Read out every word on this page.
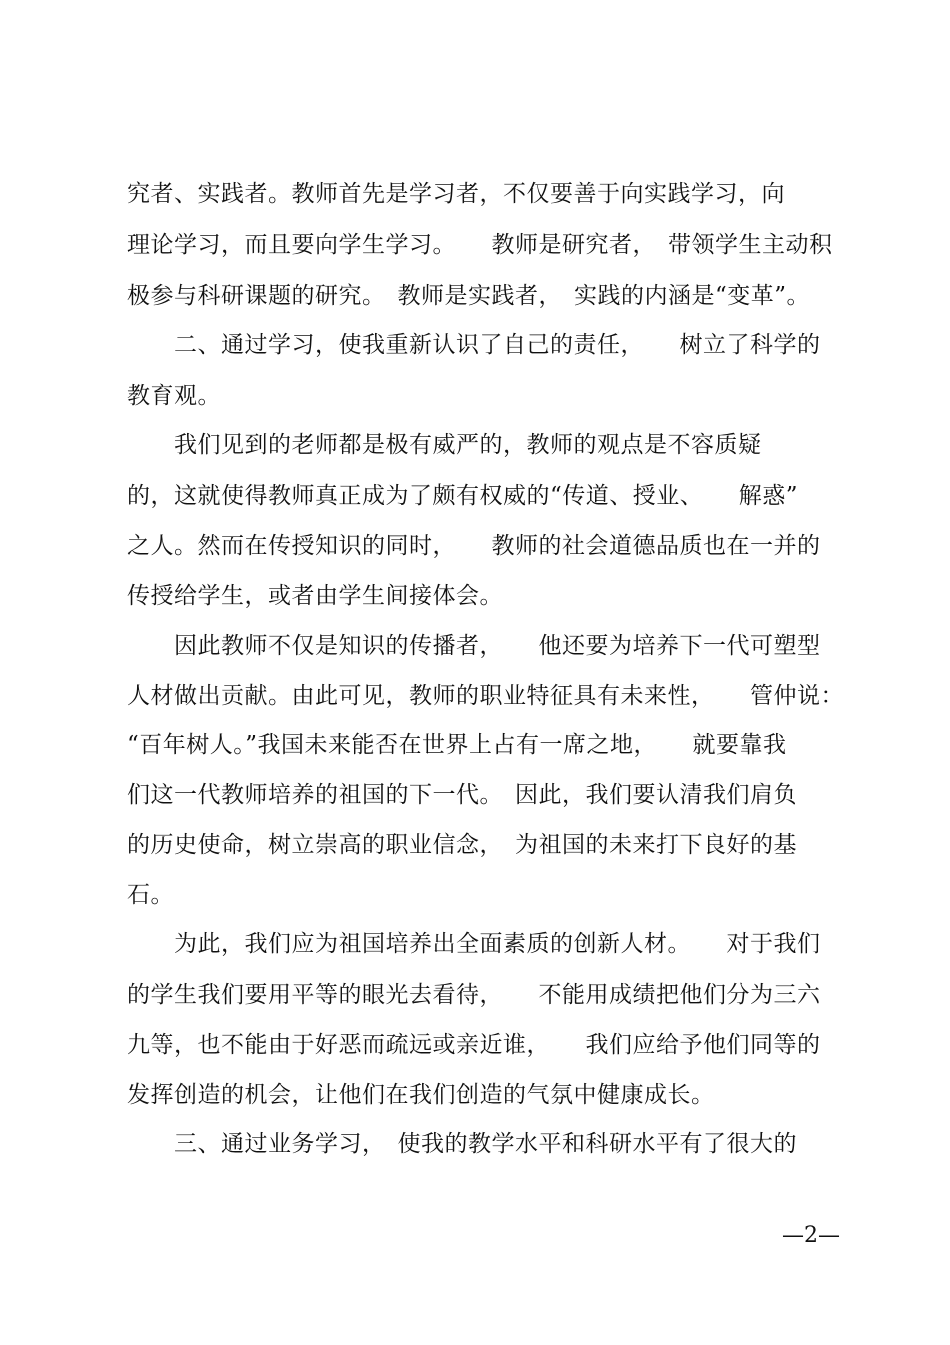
究者、实践者。教师首先是学习者，不仅要善于向实践学习，向
理论学习，而且要向学生学习。　　教师是研究者，　带领学生主动积
极参与科研课题的研究。　教师是实践者，　实践的内涵是“变革”。
　　二、通过学习，使我重新认识了自己的责任，　　树立了科学的
教育观。
　　我们见到的老师都是极有威严的，教师的观点是不容质疑
的，这就使得教师真正成为了颇有权威的“传道、授业、　　解惑”
之人。然而在传授知识的同时，　　教师的社会道德品质也在一并的
传授给学生，或者由学生间接体会。
　　因此教师不仅是知识的传播者，　　他还要为培养下一代可塑型
人材做出贡献。由此可见，教师的职业特征具有未来性，　　管仲说：
“百年树人。”我国未来能否在世界上占有一席之地，　　就要靠我
们这一代教师培养的祖国的下一代。　因此，我们要认清我们肩负
的历史使命，树立崇高的职业信念，　为祖国的未来打下良好的基
石。
　　为此，我们应为祖国培养出全面素质的创新人材。　　对于我们
的学生我们要用平等的眼光去看待，　　不能用成绩把他们分为三六
九等，也不能由于好恶而疏远或亲近谁，　　我们应给予他们同等的
发挥创造的机会，让他们在我们创造的气氛中健康成长。
　　三、通过业务学习，　使我的教学水平和科研水平有了很大的
—2—
